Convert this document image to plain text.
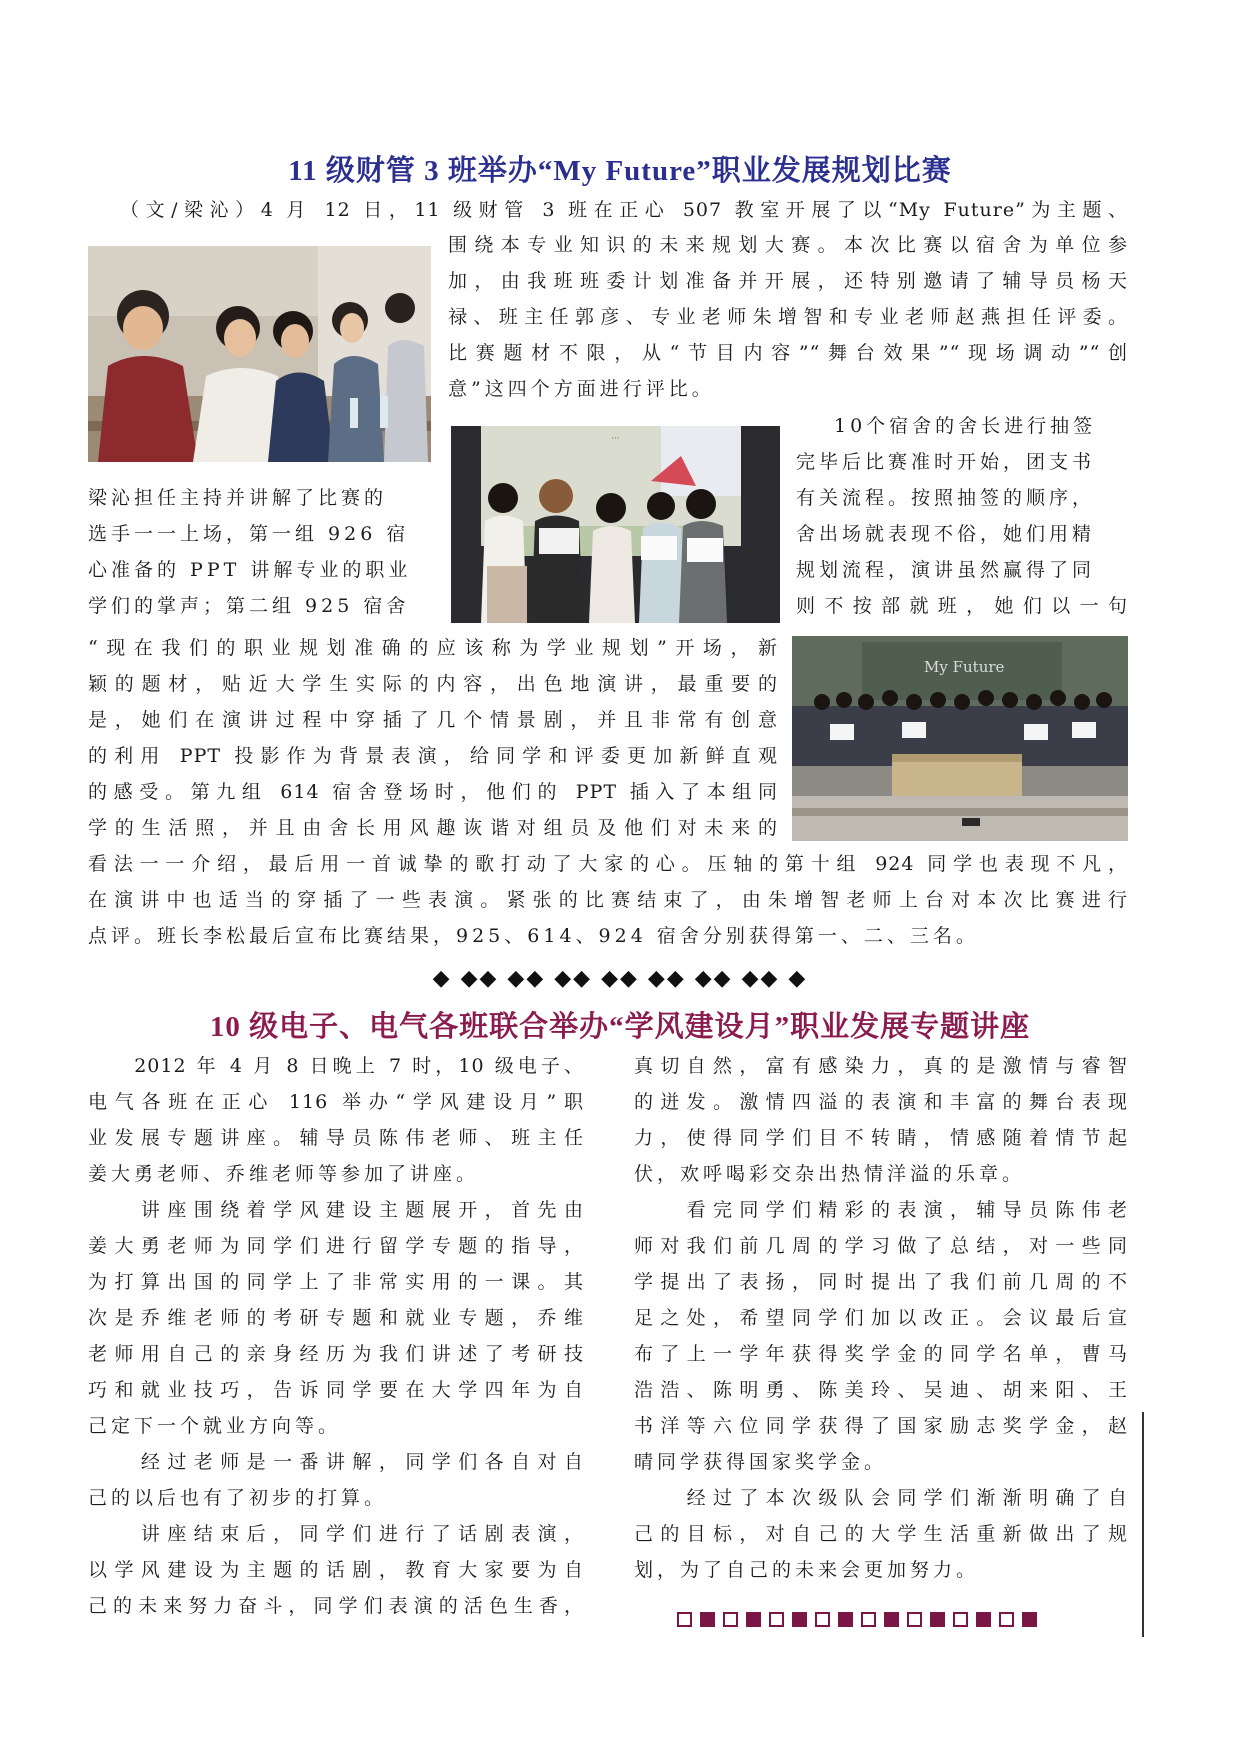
11 级财管 3 班举办“My Future”职业发展规划比赛
（文/梁沁）4 月 12 日，11 级财管 3 班在正心 507 教室开展了以“My Future”为主题、

围绕本专业知识的未来规划大赛。本次比赛以宿舍为单位参

加，由我班班委计划准备并开展，还特别邀请了辅导员杨天

禄、班主任郭彦、专业老师朱增智和专业老师赵燕担任评委。

比赛题材不限，从“节目内容”“舞台效果”“现场调动”“创

意”这四个方面进行评比。

···

10个宿舍的舍长进行抽签

完毕后比赛准时开始，团支书

有关流程。按照抽签的顺序，

舍出场就表现不俗，她们用精

规划流程，演讲虽然赢得了同

则不按部就班，她们以一句

梁沁担任主持并讲解了比赛的

选手一一上场，第一组 926 宿

心准备的 PPT 讲解专业的职业

学们的掌声；第二组 925 宿舍

My Future

“现在我们的职业规划准确的应该称为学业规划”开场，新

颖的题材，贴近大学生实际的内容，出色地演讲，最重要的

是，她们在演讲过程中穿插了几个情景剧，并且非常有创意

的利用 PPT 投影作为背景表演，给同学和评委更加新鲜直观

的感受。第九组 614 宿舍登场时，他们的 PPT 插入了本组同

学的生活照，并且由舍长用风趣诙谐对组员及他们对未来的

看法一一介绍，最后用一首诚挚的歌打动了大家的心。压轴的第十组 924 同学也表现不凡，

在演讲中也适当的穿插了一些表演。紧张的比赛结束了，由朱增智老师上台对本次比赛进行

点评。班长李松最后宣布比赛结果，925、614、924 宿舍分别获得第一、二、三名。

◆ ◆◆ ◆◆ ◆◆ ◆◆ ◆◆ ◆◆ ◆◆ ◆
10 级电子、电气各班联合举办“学风建设月”职业发展专题讲座

　　2012 年 4 月 8 日晚上 7 时，10 级电子、

电气各班在正心 116 举办“学风建设月”职

业发展专题讲座。辅导员陈伟老师、班主任

姜大勇老师、乔维老师等参加了讲座。

　　讲座围绕着学风建设主题展开，首先由

姜大勇老师为同学们进行留学专题的指导，

为打算出国的同学上了非常实用的一课。其

次是乔维老师的考研专题和就业专题，乔维

老师用自己的亲身经历为我们讲述了考研技

巧和就业技巧，告诉同学要在大学四年为自

己定下一个就业方向等。

　　经过老师是一番讲解，同学们各自对自

己的以后也有了初步的打算。

　　讲座结束后，同学们进行了话剧表演，

以学风建设为主题的话剧，教育大家要为自

己的未来努力奋斗，同学们表演的活色生香，

真切自然，富有感染力，真的是激情与睿智

的迸发。激情四溢的表演和丰富的舞台表现

力，使得同学们目不转睛，情感随着情节起

伏，欢呼喝彩交杂出热情洋溢的乐章。

　　看完同学们精彩的表演，辅导员陈伟老

师对我们前几周的学习做了总结，对一些同

学提出了表扬，同时提出了我们前几周的不

足之处，希望同学们加以改正。会议最后宣

布了上一学年获得奖学金的同学名单，曹马

浩浩、陈明勇、陈美玲、吴迪、胡来阳、王

书洋等六位同学获得了国家励志奖学金，赵

晴同学获得国家奖学金。

　　经过了本次级队会同学们渐渐明确了自

己的目标，对自己的大学生活重新做出了规

划，为了自己的未来会更加努力。
